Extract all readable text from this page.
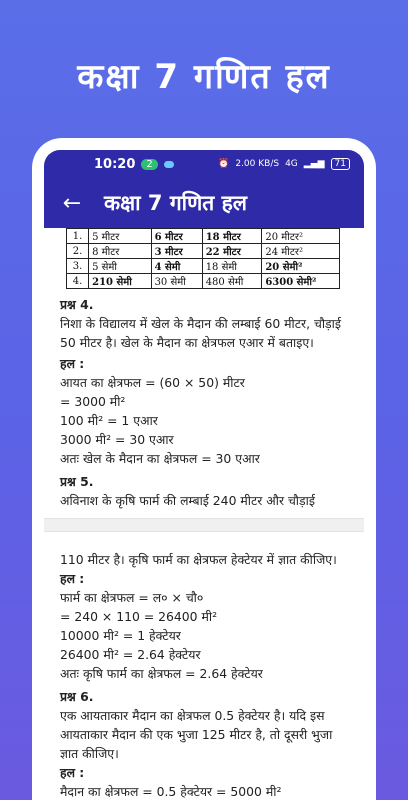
कक्षा 7 गणित हल
10:20	2	⏰ 2.00 KB/S 4G ▂▄▆	71
←	कक्षा 7 गणित हल
1.	5 मीटर	6 मीटर	18 मीटर	20 मीटर²
2.	8 मीटर	3 मीटर	22 मीटर	24 मीटर²
3.	5 सेमी	4 सेमी	18 सेमी	20 सेमी²
4.	210 सेमी	30 सेमी	480 सेमी	6300 सेमी²
प्रश्न 4.
निशा के विद्यालय में खेल के मैदान की लम्बाई 60 मीटर, चौड़ाई 50 मीटर है। खेल के मैदान का क्षेत्रफल एआर में बताइए।
हल :
आयत का क्षेत्रफल = (60 × 50) मीटर
= 3000 मी²
100 मी² = 1 एआर
3000 मी² = 30 एआर
अतः खेल के मैदान का क्षेत्रफल = 30 एआर
प्रश्न 5.
अविनाश के कृषि फार्म की लम्बाई 240 मीटर और चौड़ाई
110 मीटर है। कृषि फार्म का क्षेत्रफल हेक्टेयर में ज्ञात कीजिए।
हल :
फार्म का क्षेत्रफल = ल० × चौ०
= 240 × 110 = 26400 मी²
10000 मी² = 1 हेक्टेयर
26400 मी² = 2.64 हेक्टेयर
अतः कृषि फार्म का क्षेत्रफल = 2.64 हेक्टेयर
प्रश्न 6.
एक आयताकार मैदान का क्षेत्रफल 0.5 हेक्टेयर है। यदि इस आयताकार मैदान की एक भुजा 125 मीटर है, तो दूसरी भुजा ज्ञात कीजिए।
हल :
मैदान का क्षेत्रफल = 0.5 हेक्टेयर = 5000 मी²
